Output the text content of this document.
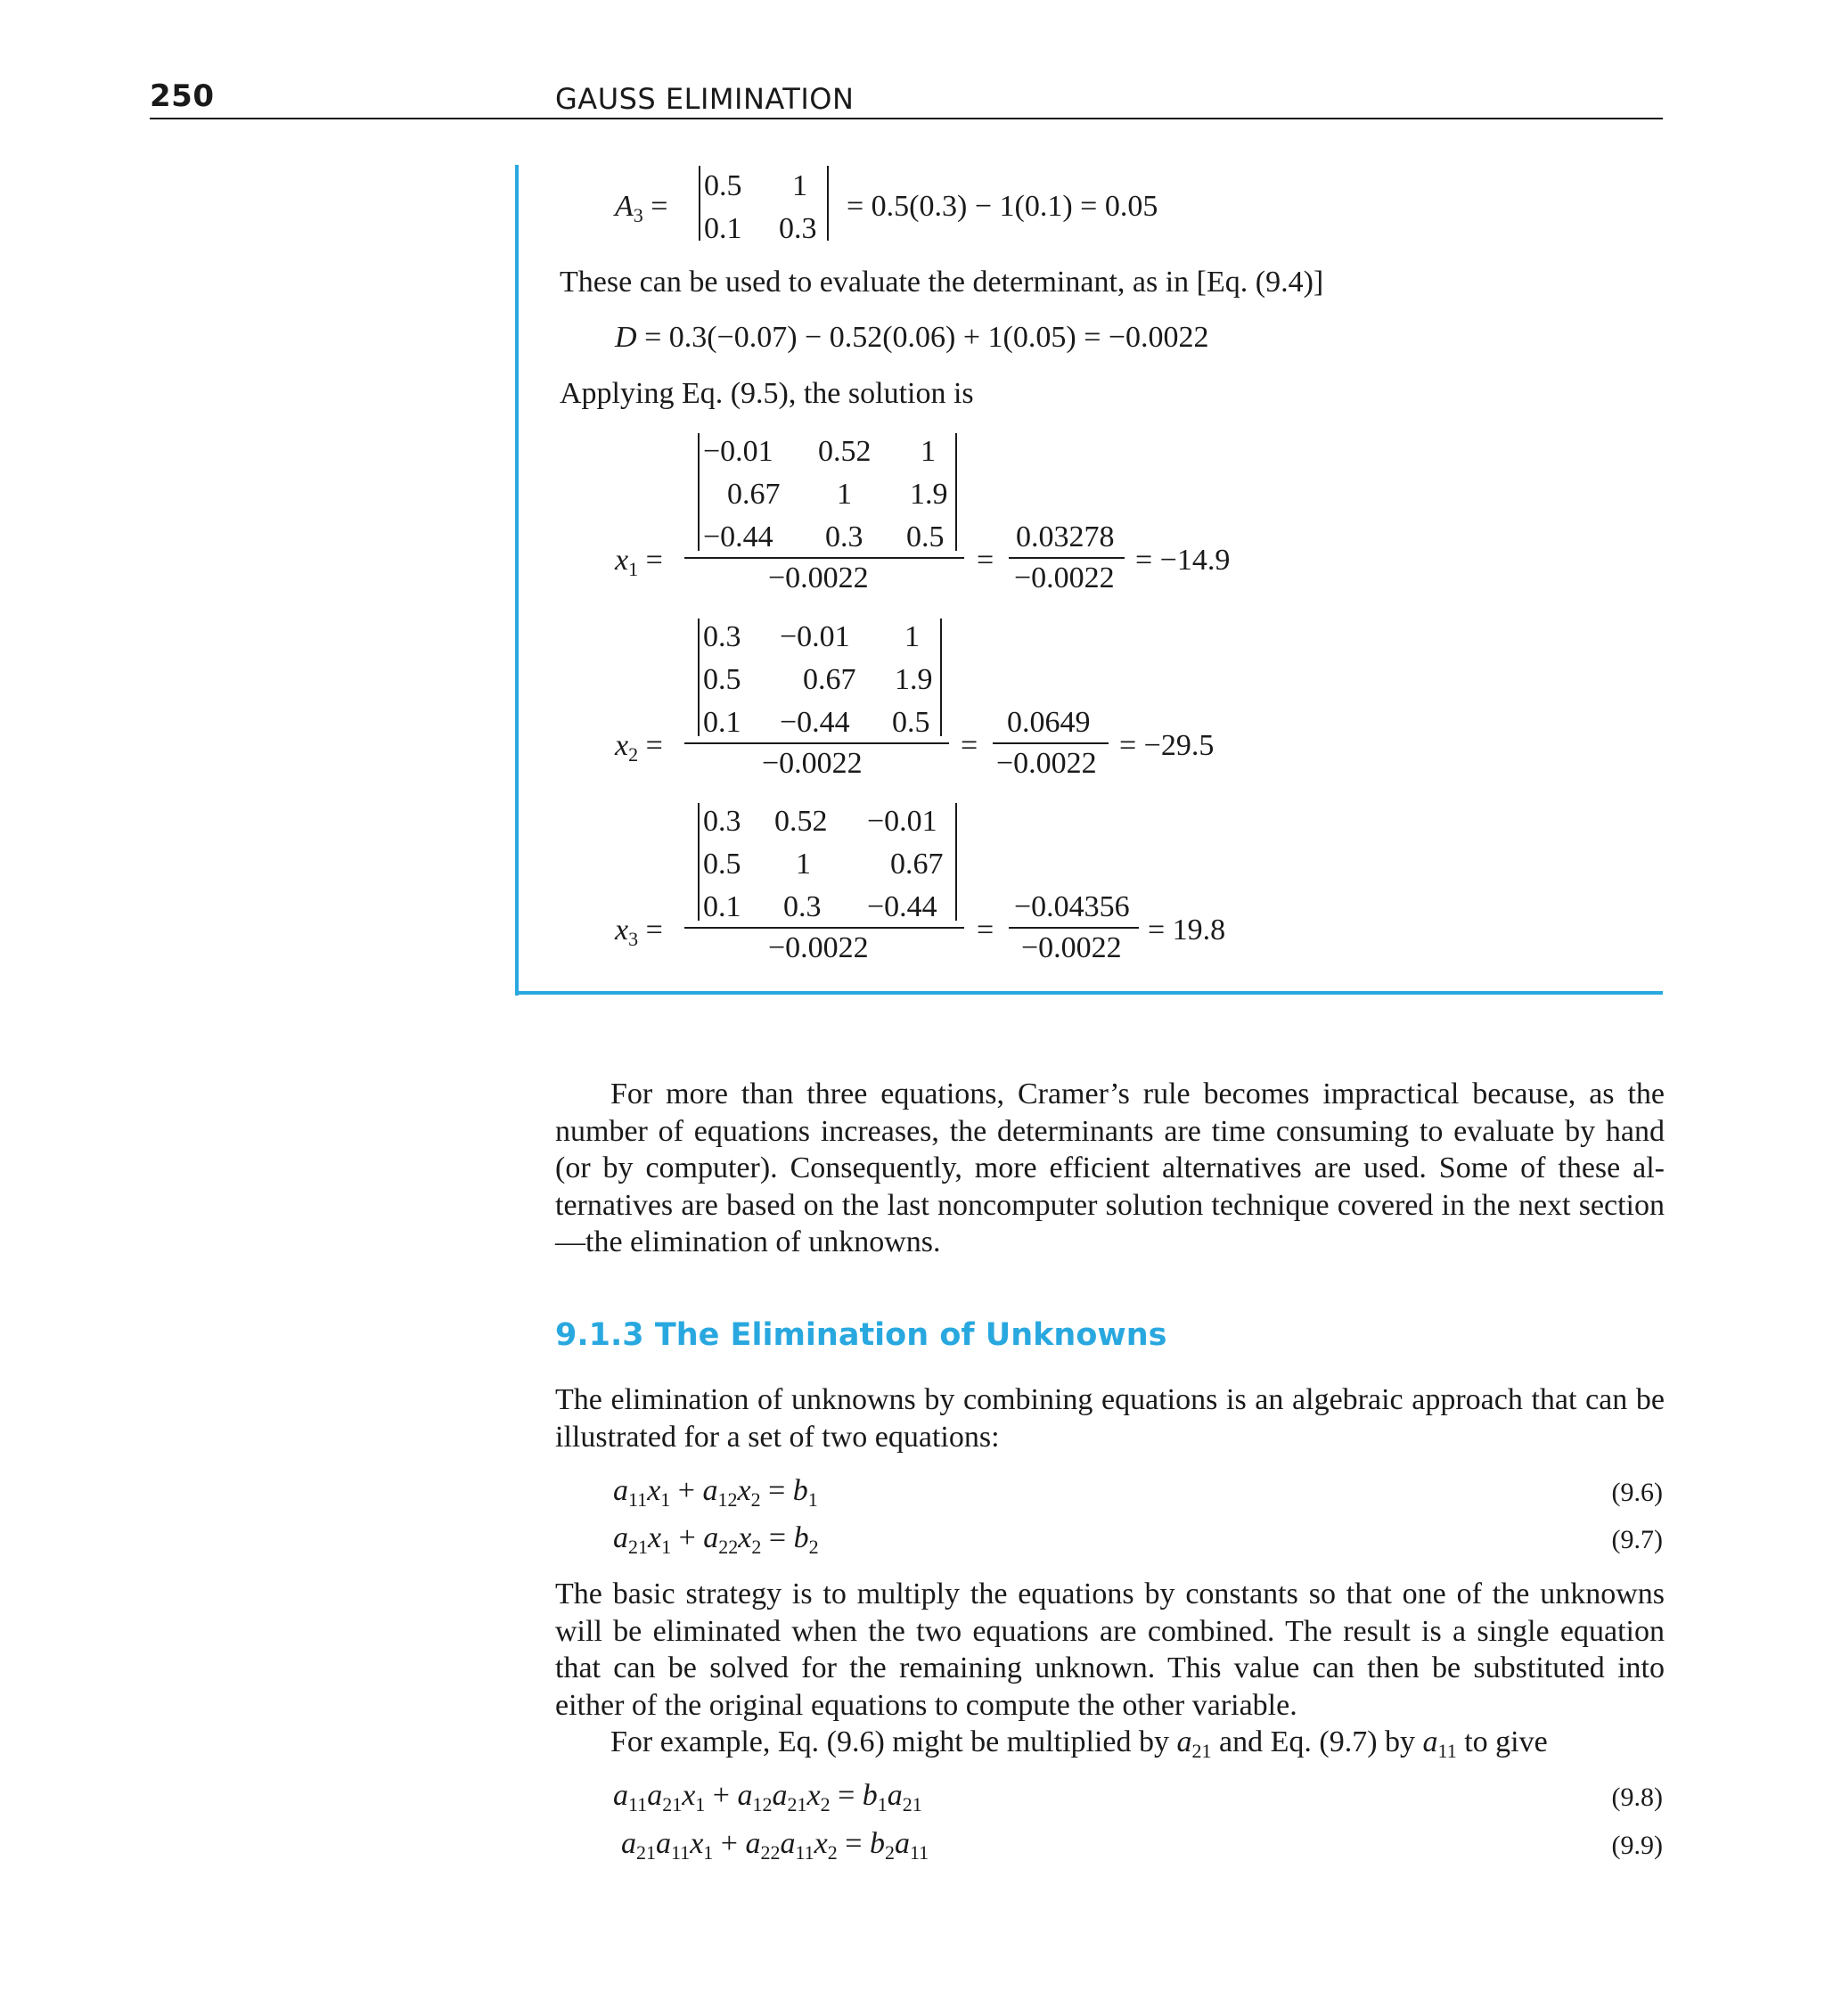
250	GAUSS ELIMINATION
$A_3$ =
0.5 1
0.1 0.3
= 0.5(0.3) − 1(0.1) = 0.05
These can be used to evaluate the determinant, as in [Eq. (9.4)]
D = 0.3(−0.07) − 0.52(0.06) + 1(0.05) = −0.0022
Applying Eq. (9.5), the solution is
$x_1$ =
−0.01 0.52 1
0.67 1 1.9
−0.44 0.3 0.5
−0.0022
=
0.03278
−0.0022
= −14.9
$x_2$ =
0.3 −0.01 1
0.5 0.67 1.9
0.1 −0.44 0.5
−0.0022
=
0.0649
−0.0022
= −29.5
$x_3$ =
0.3 0.52 −0.01
0.5 1	0.67
0.1 0.3 −0.44
−0.0022
=
−0.04356
−0.0022
= 19.8

For more than three equations, Cramer’s rule becomes impractical because, as the number of equations increases, the determinants are time consuming to evaluate by hand (or by computer). Consequently, more efficient alternatives are used. Some of these al- ternatives are based on the last noncomputer solution technique covered in the next section—the elimination of unknowns.

9.1.3 The Elimination of Unknowns

The elimination of unknowns by combining equations is an algebraic approach that can be illustrated for a set of two equations:

$a_{11}x_1 + a_{12}x_2 = b_1$	(9.6)
$a_{21}x_1 + a_{22}x_2 = b_2$	(9.7)

The basic strategy is to multiply the equations by constants so that one of the unknowns will be eliminated when the two equations are combined. The result is a single equation that can be solved for the remaining unknown. This value can then be substituted into either of the original equations to compute the other variable.

For example, Eq. (9.6) might be multiplied by $a_{21}$ and Eq. (9.7) by $a_{11}$ to give

$a_{11}a_{21}x_1 + a_{12}a_{21}x_2 = b_1a_{21}$	(9.8)
$a_{21}a_{11}x_1 + a_{22}a_{11}x_2 = b_2a_{11}$	(9.9)
